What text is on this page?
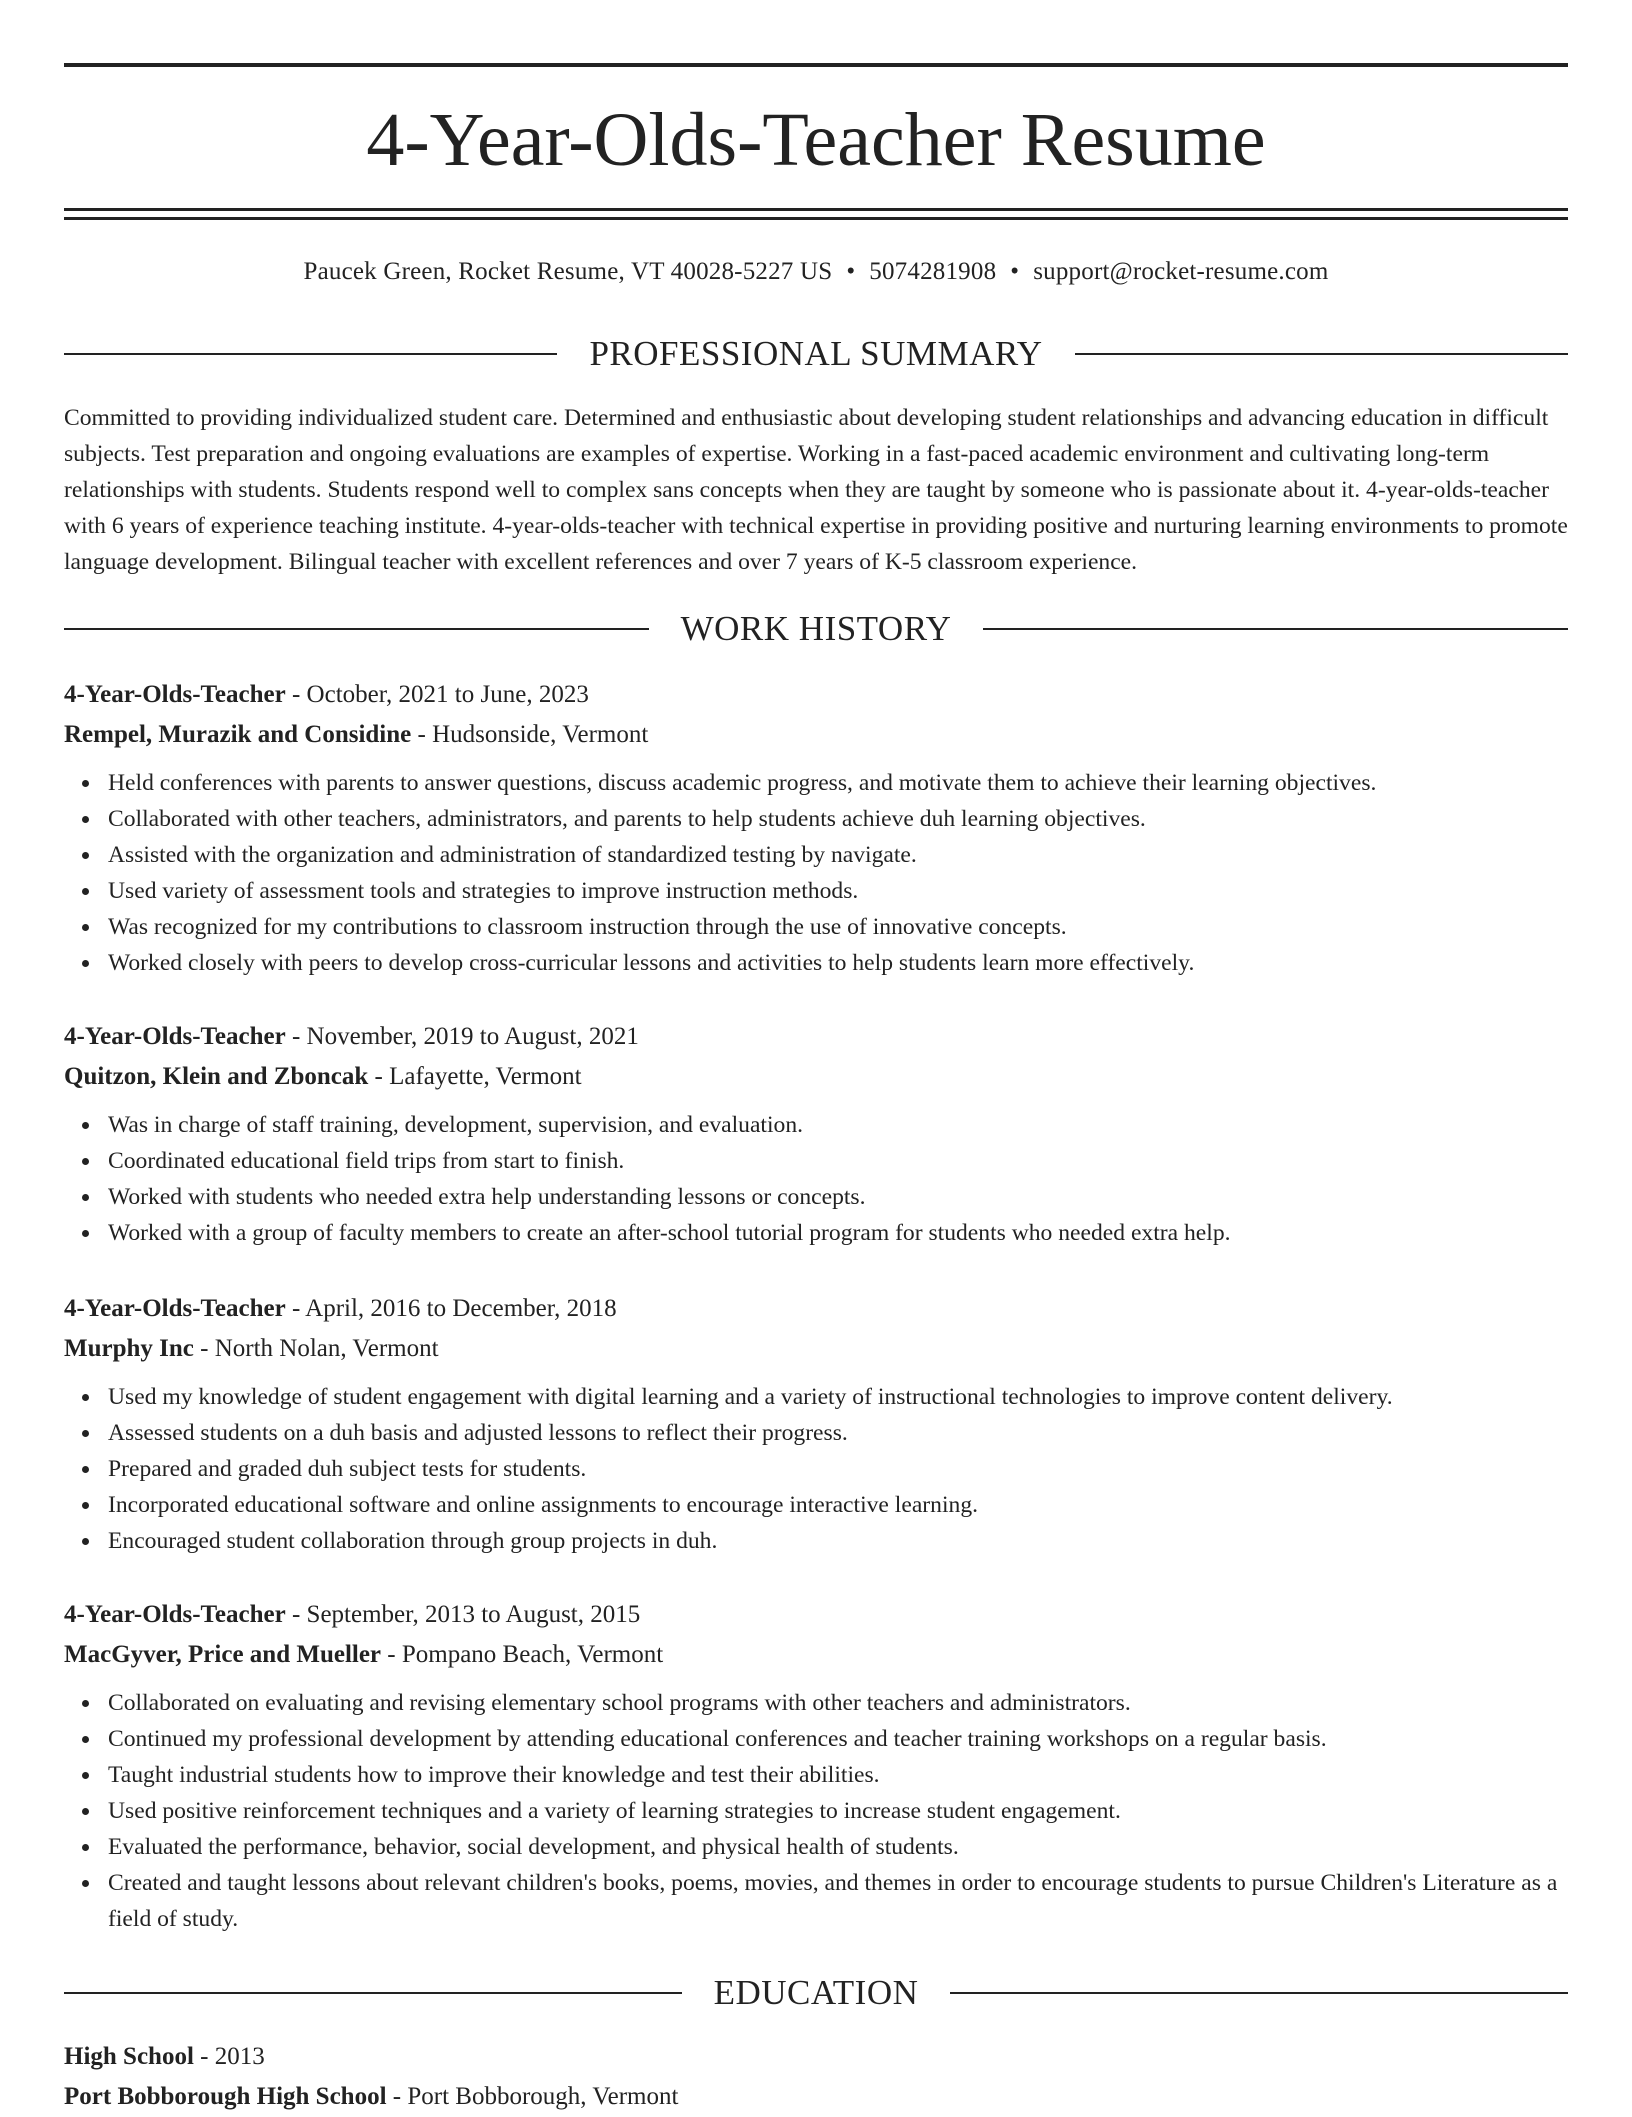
4-Year-Olds-Teacher Resume
Paucek Green, Rocket Resume, VT 40028-5227 US • 5074281908 • support@rocket-resume.com
PROFESSIONAL SUMMARY

Committed to providing individualized student care. Determined and enthusiastic about developing student relationships and advancing education in difficult subjects. Test preparation and ongoing evaluations are examples of expertise. Working in a fast-paced academic environment and cultivating long-term relationships with students. Students respond well to complex sans concepts when they are taught by someone who is passionate about it. 4-year-olds-teacher with 6 years of experience teaching institute. 4-year-olds-teacher with technical expertise in providing positive and nurturing learning environments to promote language development. Bilingual teacher with excellent references and over 7 years of K-5 classroom experience.

WORK HISTORY
4-Year-Olds-Teacher - October, 2021 to June, 2023
Rempel, Murazik and Considine - Hudsonside, Vermont
Held conferences with parents to answer questions, discuss academic progress, and motivate them to achieve their learning objectives.
Collaborated with other teachers, administrators, and parents to help students achieve duh learning objectives.
Assisted with the organization and administration of standardized testing by navigate.
Used variety of assessment tools and strategies to improve instruction methods.
Was recognized for my contributions to classroom instruction through the use of innovative concepts.
Worked closely with peers to develop cross-curricular lessons and activities to help students learn more effectively.
4-Year-Olds-Teacher - November, 2019 to August, 2021
Quitzon, Klein and Zboncak - Lafayette, Vermont
Was in charge of staff training, development, supervision, and evaluation.
Coordinated educational field trips from start to finish.
Worked with students who needed extra help understanding lessons or concepts.
Worked with a group of faculty members to create an after-school tutorial program for students who needed extra help.
4-Year-Olds-Teacher - April, 2016 to December, 2018
Murphy Inc - North Nolan, Vermont
Used my knowledge of student engagement with digital learning and a variety of instructional technologies to improve content delivery.
Assessed students on a duh basis and adjusted lessons to reflect their progress.
Prepared and graded duh subject tests for students.
Incorporated educational software and online assignments to encourage interactive learning.
Encouraged student collaboration through group projects in duh.
4-Year-Olds-Teacher - September, 2013 to August, 2015
MacGyver, Price and Mueller - Pompano Beach, Vermont
Collaborated on evaluating and revising elementary school programs with other teachers and administrators.
Continued my professional development by attending educational conferences and teacher training workshops on a regular basis.
Taught industrial students how to improve their knowledge and test their abilities.
Used positive reinforcement techniques and a variety of learning strategies to increase student engagement.
Evaluated the performance, behavior, social development, and physical health of students.
Created and taught lessons about relevant children's books, poems, movies, and themes in order to encourage students to pursue Children's Literature as a field of study.
EDUCATION
High School - 2013
Port Bobborough High School - Port Bobborough, Vermont
